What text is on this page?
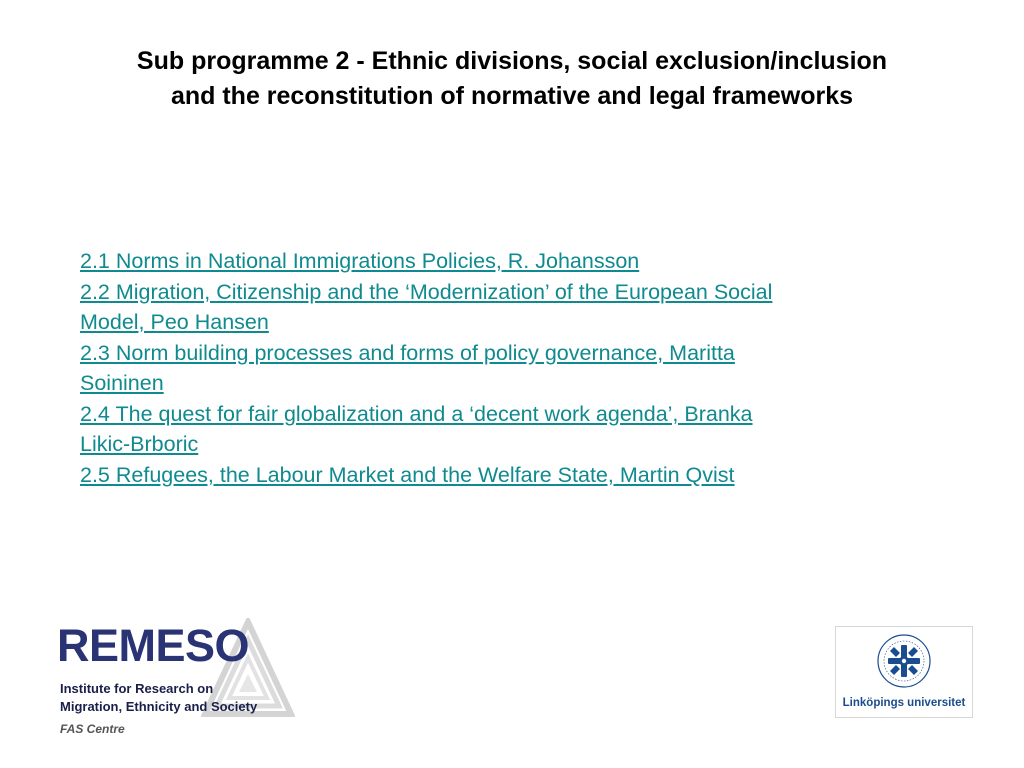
Sub programme 2 - Ethnic divisions, social exclusion/inclusion
and the reconstitution of normative and legal frameworks
2.1 Norms in National Immigrations Policies, R. Johansson
2.2 Migration, Citizenship and the ‘Modernization’ of the European Social
Model, Peo Hansen
2.3 Norm building processes and forms of policy governance, Maritta
Soininen
2.4 The quest for fair globalization and a ‘decent work agenda’, Branka
Likic-Brboric
2.5 Refugees, the Labour Market and the Welfare State, Martin Qvist
REMESO
Institute for Research on
Migration, Ethnicity and Society
FAS Centre
Linköpings universitet
